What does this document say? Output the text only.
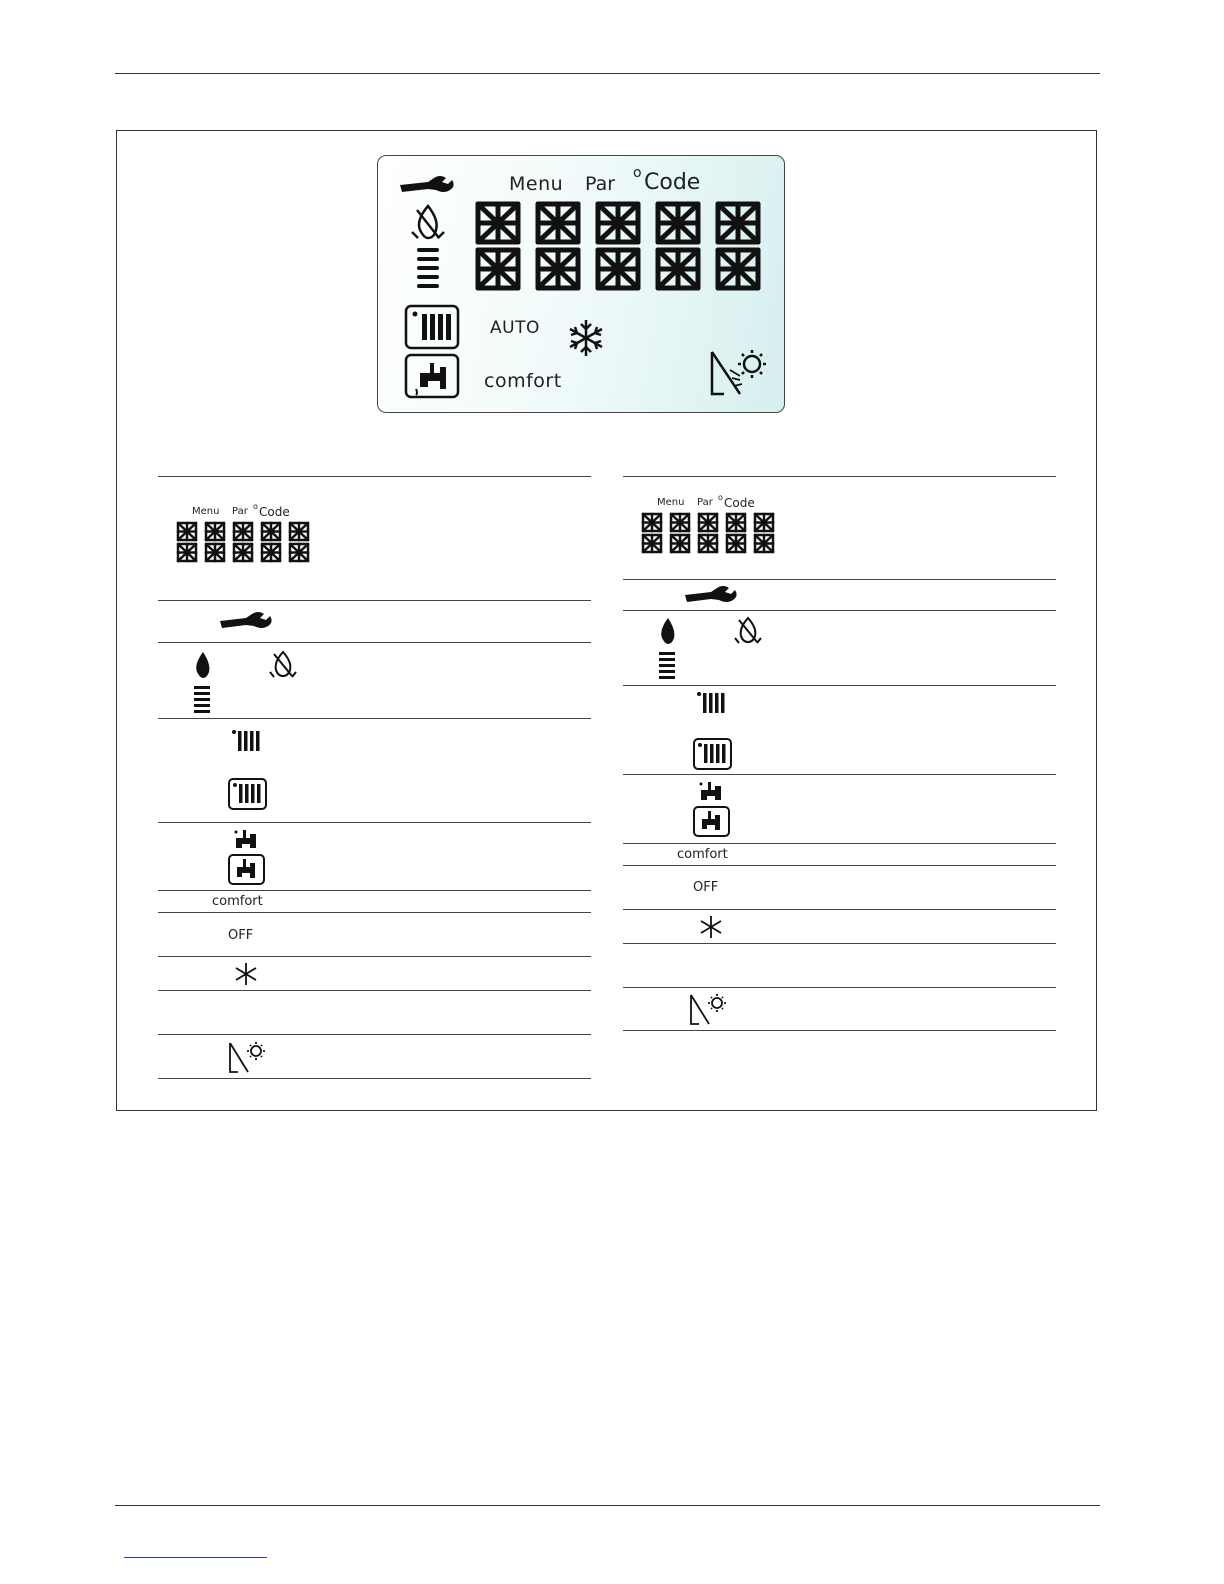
Menu Par o Code
AUTO
comfort
Menu Par o Code
comfort
OFF
Menu Par o Code
comfort
OFF
